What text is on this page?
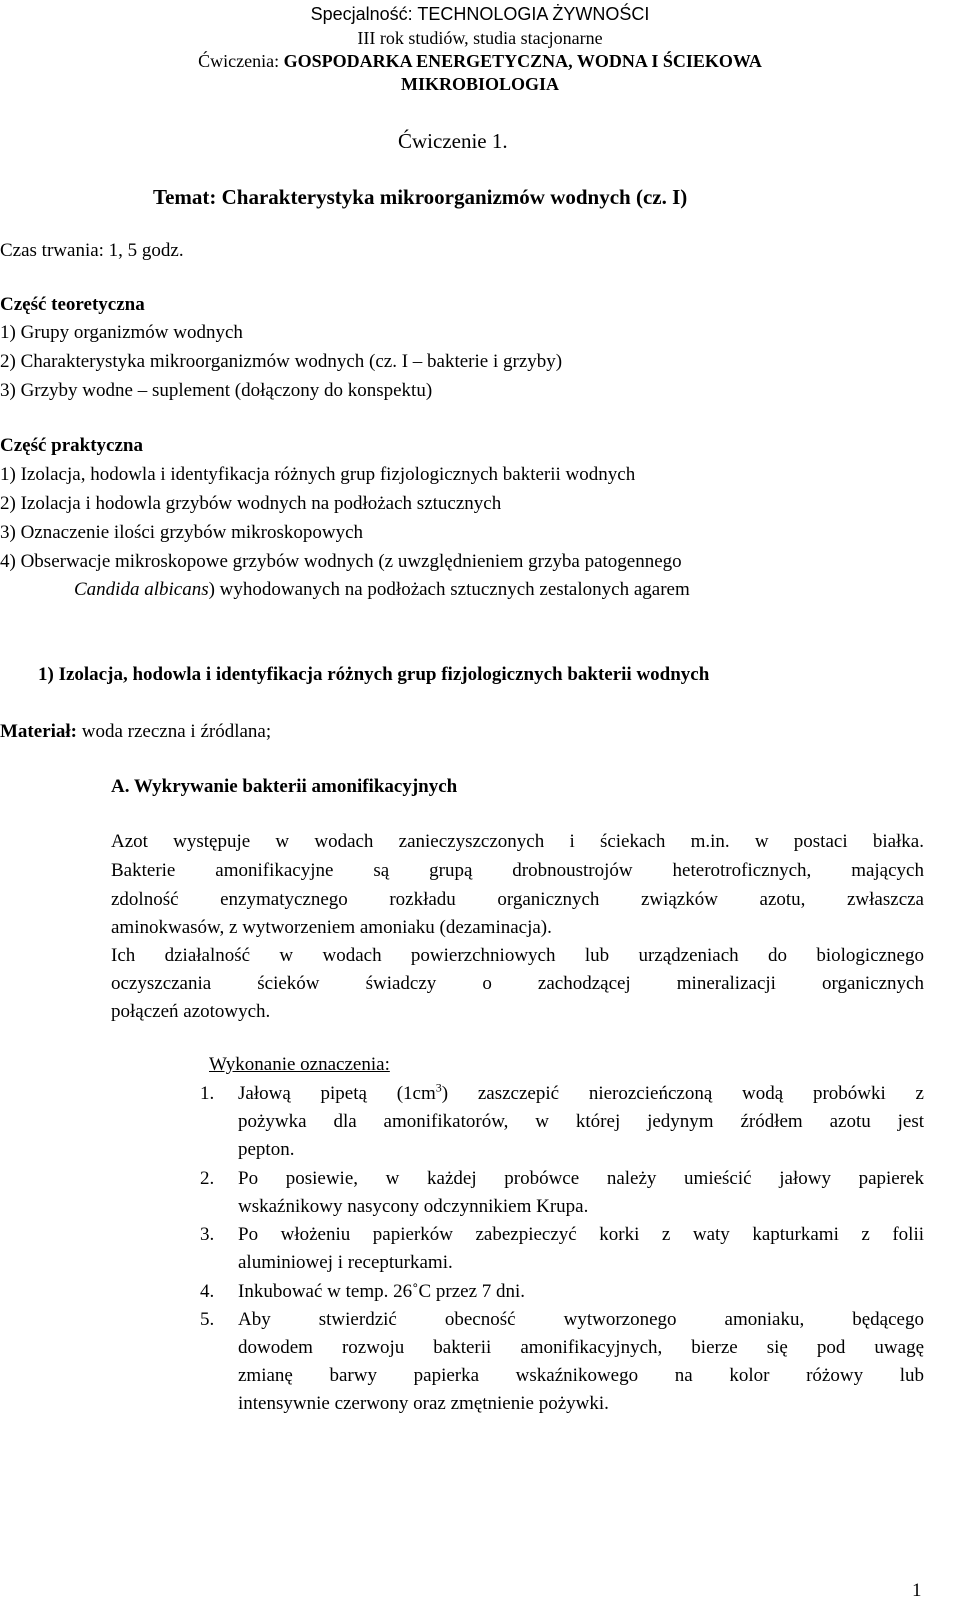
Specjalność: TECHNOLOGIA ŻYWNOŚCI
III rok studiów, studia stacjonarne
Ćwiczenia: GOSPODARKA ENERGETYCZNA, WODNA I ŚCIEKOWA
MIKROBIOLOGIA
Ćwiczenie 1.
Temat: Charakterystyka mikroorganizmów wodnych (cz. I)
Czas trwania: 1, 5 godz.
Część teoretyczna
1) Grupy organizmów wodnych
2) Charakterystyka mikroorganizmów wodnych (cz. I – bakterie i grzyby)
3) Grzyby wodne – suplement (dołączony do konspektu)
Część praktyczna
1) Izolacja, hodowla i identyfikacja różnych grup fizjologicznych bakterii wodnych
2) Izolacja i hodowla grzybów wodnych na podłożach sztucznych
3) Oznaczenie ilości grzybów mikroskopowych
4) Obserwacje mikroskopowe grzybów wodnych (z uwzględnieniem grzyba patogennego
Candida albicans) wyhodowanych na podłożach sztucznych zestalonych agarem
1) Izolacja, hodowla i identyfikacja różnych grup fizjologicznych bakterii wodnych
Materiał: woda rzeczna i źródlana;
A. Wykrywanie bakterii amonifikacyjnych
Azot występuje w wodach zanieczyszczonych i ściekach m.in. w postaci białka.
Bakterie amonifikacyjne są grupą drobnoustrojów heterotroficznych, mających
zdolność enzymatycznego rozkładu organicznych związków azotu, zwłaszcza
aminokwasów, z wytworzeniem amoniaku (dezaminacja).
Ich działalność w wodach powierzchniowych lub urządzeniach do biologicznego
oczyszczania ścieków świadczy o zachodzącej mineralizacji organicznych
połączeń azotowych.
Wykonanie oznaczenia:
1. Jałową pipetą $(1cm^3)$ zaszczepić nierozcieńczoną wodą probówki z
pożywka dla amonifikatorów, w której jedynym źródłem azotu jest
pepton.
2. Po posiewie, w każdej probówce należy umieścić jałowy papierek
wskaźnikowy nasycony odczynnikiem Krupa.
3. Po włożeniu papierków zabezpieczyć korki z waty kapturkami z folii
aluminiowej i recepturkami.
4. Inkubować w temp. 26˚C przez 7 dni.
5. Aby stwierdzić obecność wytworzonego amoniaku, będącego
dowodem rozwoju bakterii amonifikacyjnych, bierze się pod uwagę
zmianę barwy papierka wskaźnikowego na kolor różowy lub
intensywnie czerwony oraz zmętnienie pożywki.
1
